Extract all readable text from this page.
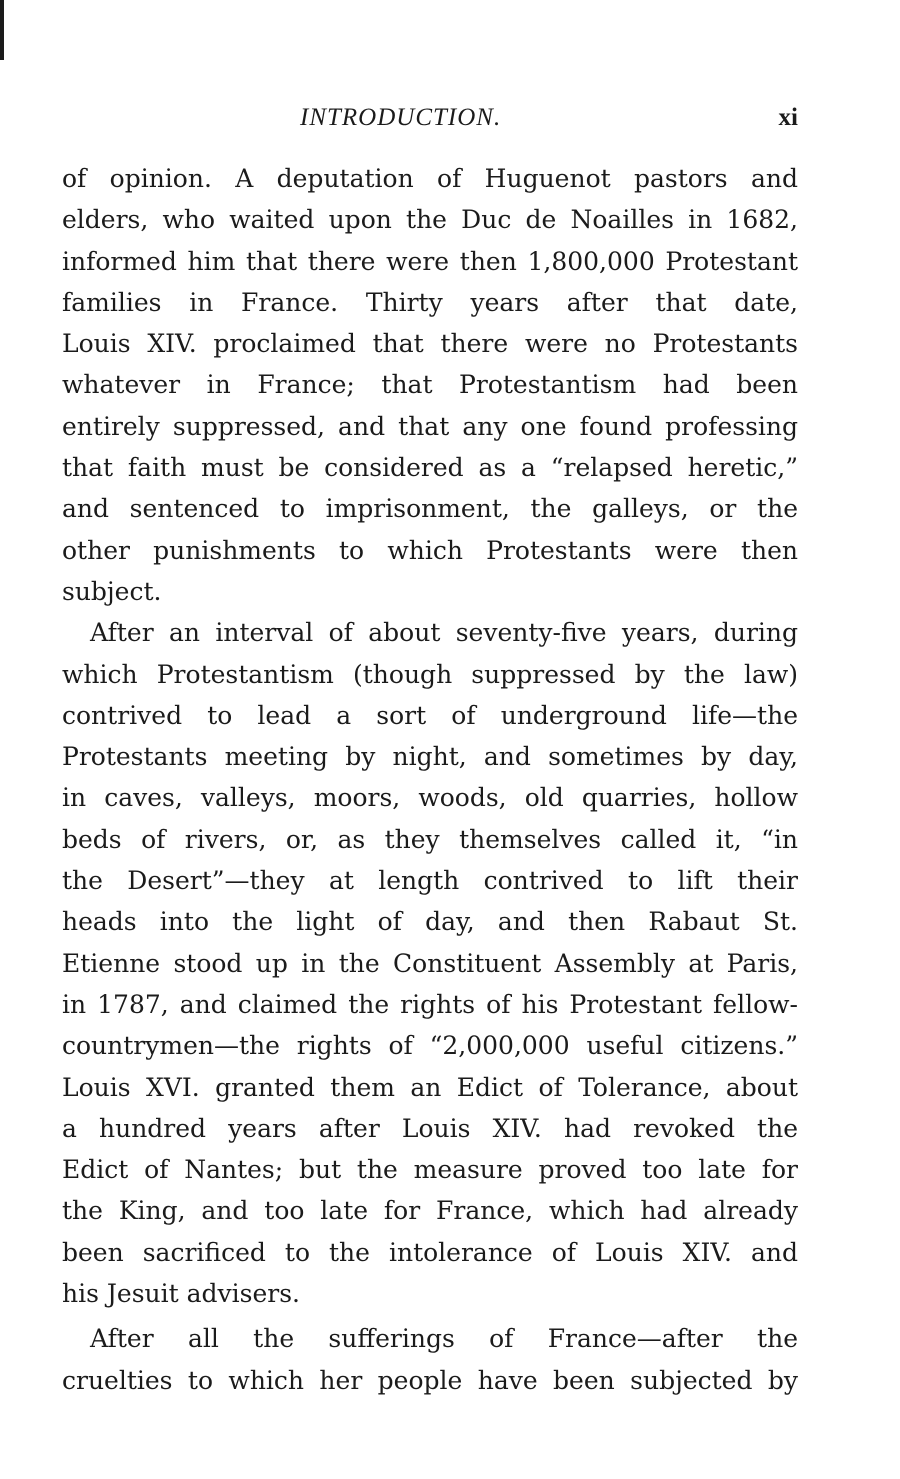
INTRODUCTION.	xi
of opinion. A deputation of Huguenot pastors and
elders, who waited upon the Duc de Noailles in 1682,
informed him that there were then 1,800,000 Protestant
families in France. Thirty years after that date,
Louis XIV. proclaimed that there were no Protestants
whatever in France; that Protestantism had been
entirely suppressed, and that any one found professing
that faith must be considered as a “relapsed heretic,”
and sentenced to imprisonment, the galleys, or the
other punishments to which Protestants were then
subject.
After an interval of about seventy-five years, during
which Protestantism (though suppressed by the law)
contrived to lead a sort of underground life—the
Protestants meeting by night, and sometimes by day,
in caves, valleys, moors, woods, old quarries, hollow
beds of rivers, or, as they themselves called it, “in
the Desert”—they at length contrived to lift their
heads into the light of day, and then Rabaut St.
Etienne stood up in the Constituent Assembly at Paris,
in 1787, and claimed the rights of his Protestant fellow-
countrymen—the rights of “2,000,000 useful citizens.”
Louis XVI. granted them an Edict of Tolerance, about
a hundred years after Louis XIV. had revoked the
Edict of Nantes; but the measure proved too late for
the King, and too late for France, which had already
been sacrificed to the intolerance of Louis XIV. and
his Jesuit advisers.
After all the sufferings of France—after the
cruelties to which her people have been subjected by
